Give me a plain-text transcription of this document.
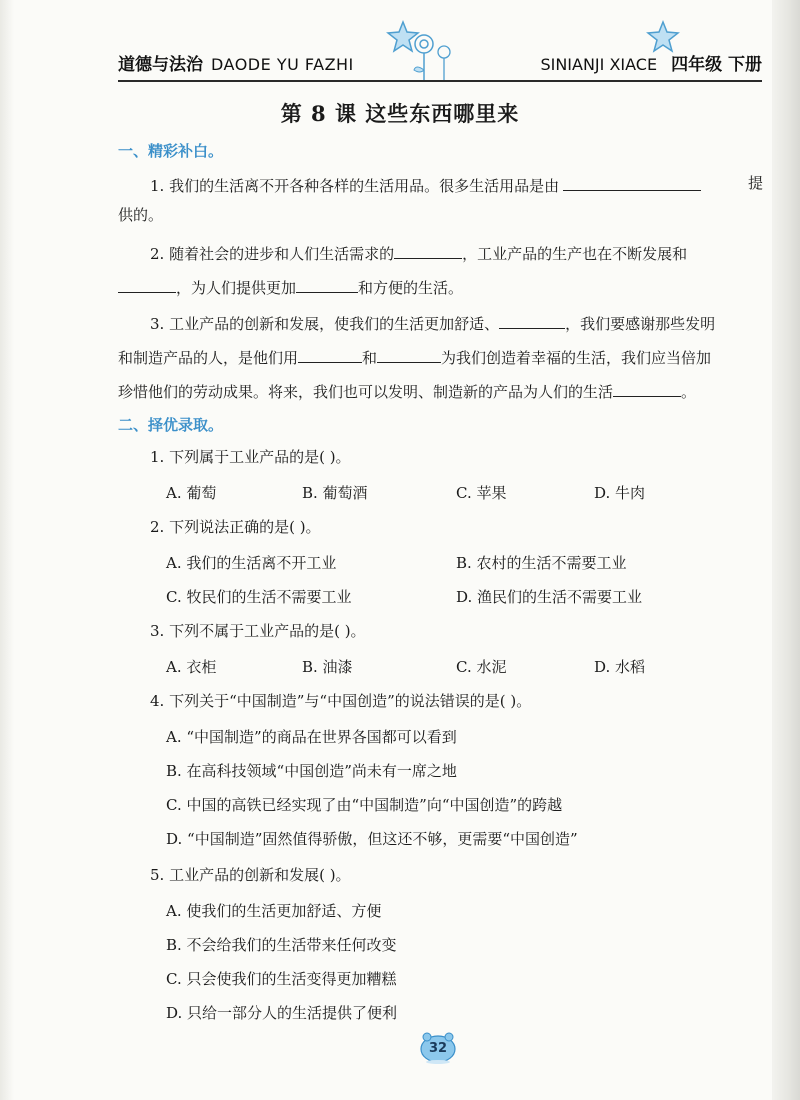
道德与法治 DAODE YU FAZHI	SINIANJI XIACE 四年级 下册
第 8 课 这些东西哪里来
一、精彩补白。
1. 我们的生活离不开各种各样的生活用品。很多生活用品是由	提
供的。
2. 随着社会的进步和人们生活需求的	，工业产品的生产也在不断发展和
，为人们提供更加	和方便的生活。
3. 工业产品的创新和发展，使我们的生活更加舒适、	，我们要感谢那些发明
和制造产品的人，是他们用	和	为我们创造着幸福的生活，我们应当倍加
珍惜他们的劳动成果。将来，我们也可以发明、制造新的产品为人们的生活	。
二、择优录取。
1. 下列属于工业产品的是( )。
A. 葡萄	B. 葡萄酒	C. 苹果	D. 牛肉
2. 下列说法正确的是( )。
A. 我们的生活离不开工业	B. 农村的生活不需要工业
C. 牧民们的生活不需要工业	D. 渔民们的生活不需要工业
3. 下列不属于工业产品的是( )。
A. 衣柜	B. 油漆	C. 水泥	D. 水稻
4. 下列关于“中国制造”与“中国创造”的说法错误的是( )。
A. “中国制造”的商品在世界各国都可以看到
B. 在高科技领域“中国创造”尚未有一席之地
C. 中国的高铁已经实现了由“中国制造”向“中国创造”的跨越
D. “中国制造”固然值得骄傲，但这还不够，更需要“中国创造”
5. 工业产品的创新和发展( )。
A. 使我们的生活更加舒适、方便
B. 不会给我们的生活带来任何改变
C. 只会使我们的生活变得更加糟糕
D. 只给一部分人的生活提供了便利
32
